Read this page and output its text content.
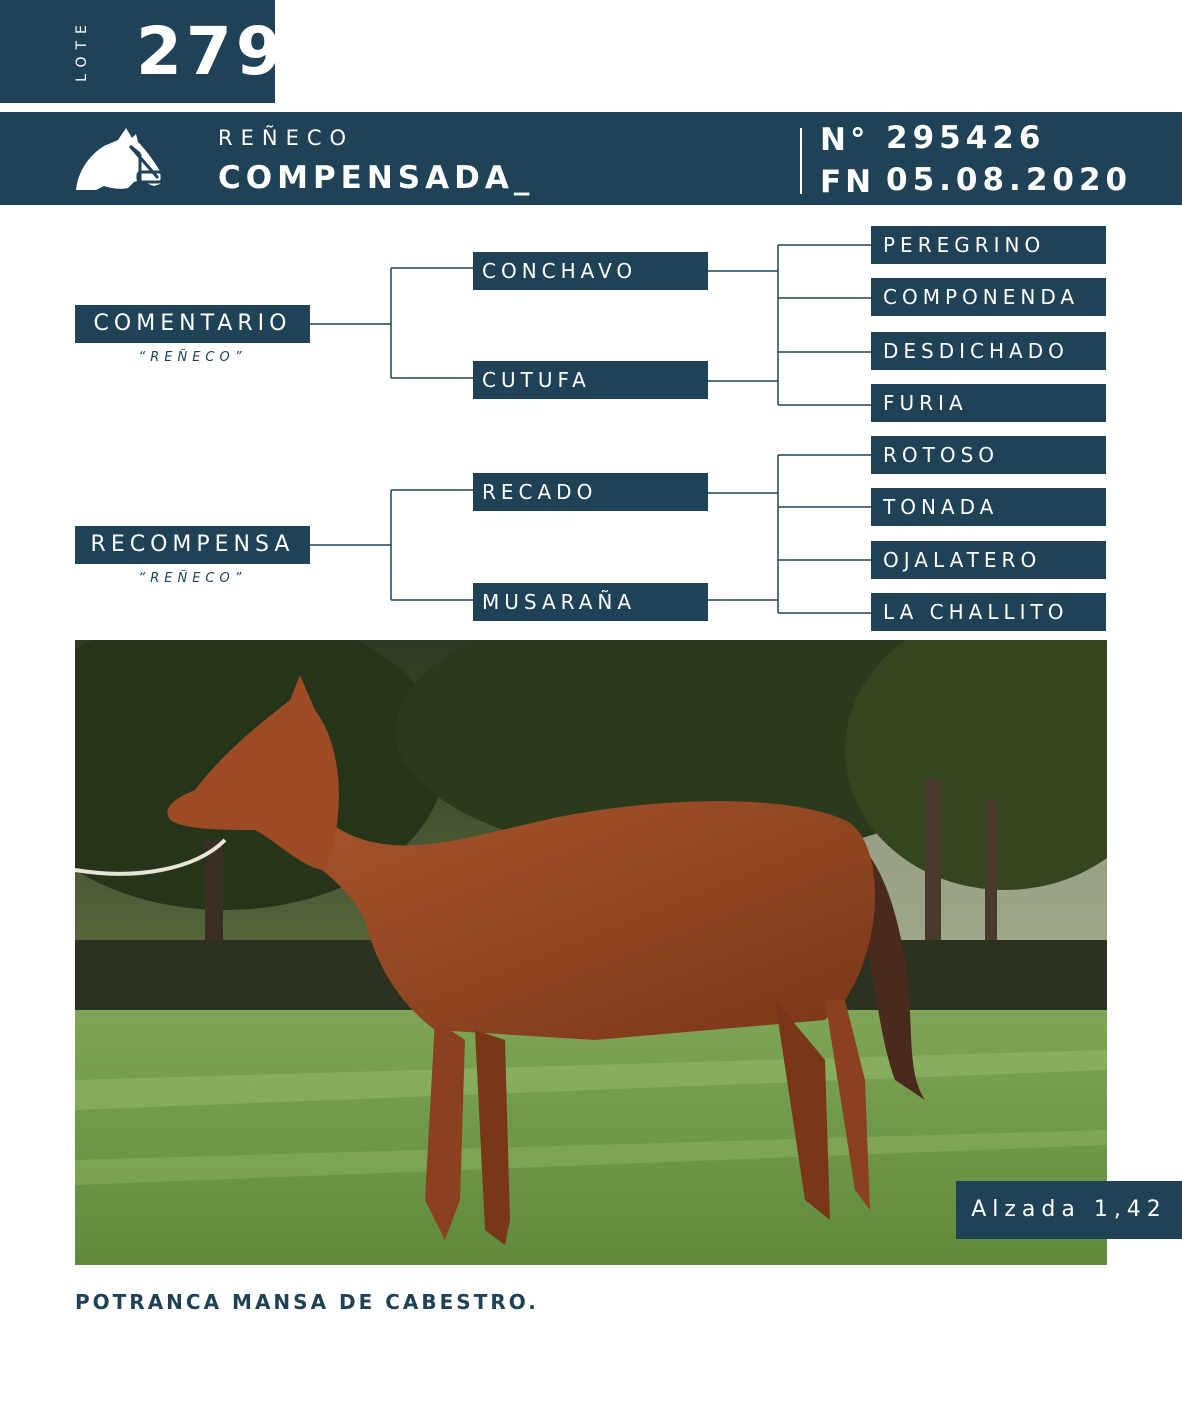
LOTE 279
REÑECO
COMPENSADA_
N° 295426
FN 05.08.2020
COMENTARIO
“REÑECO”
RECOMPENSA
“REÑECO”
CONCHAVO
CUTUFA
RECADO
MUSARAÑA
PEREGRINO
COMPONENDA
DESDICHADO
FURIA
ROTOSO
TONADA
OJALATERO
LA CHALLITO
Alzada 1,42
POTRANCA MANSA DE CABESTRO.
